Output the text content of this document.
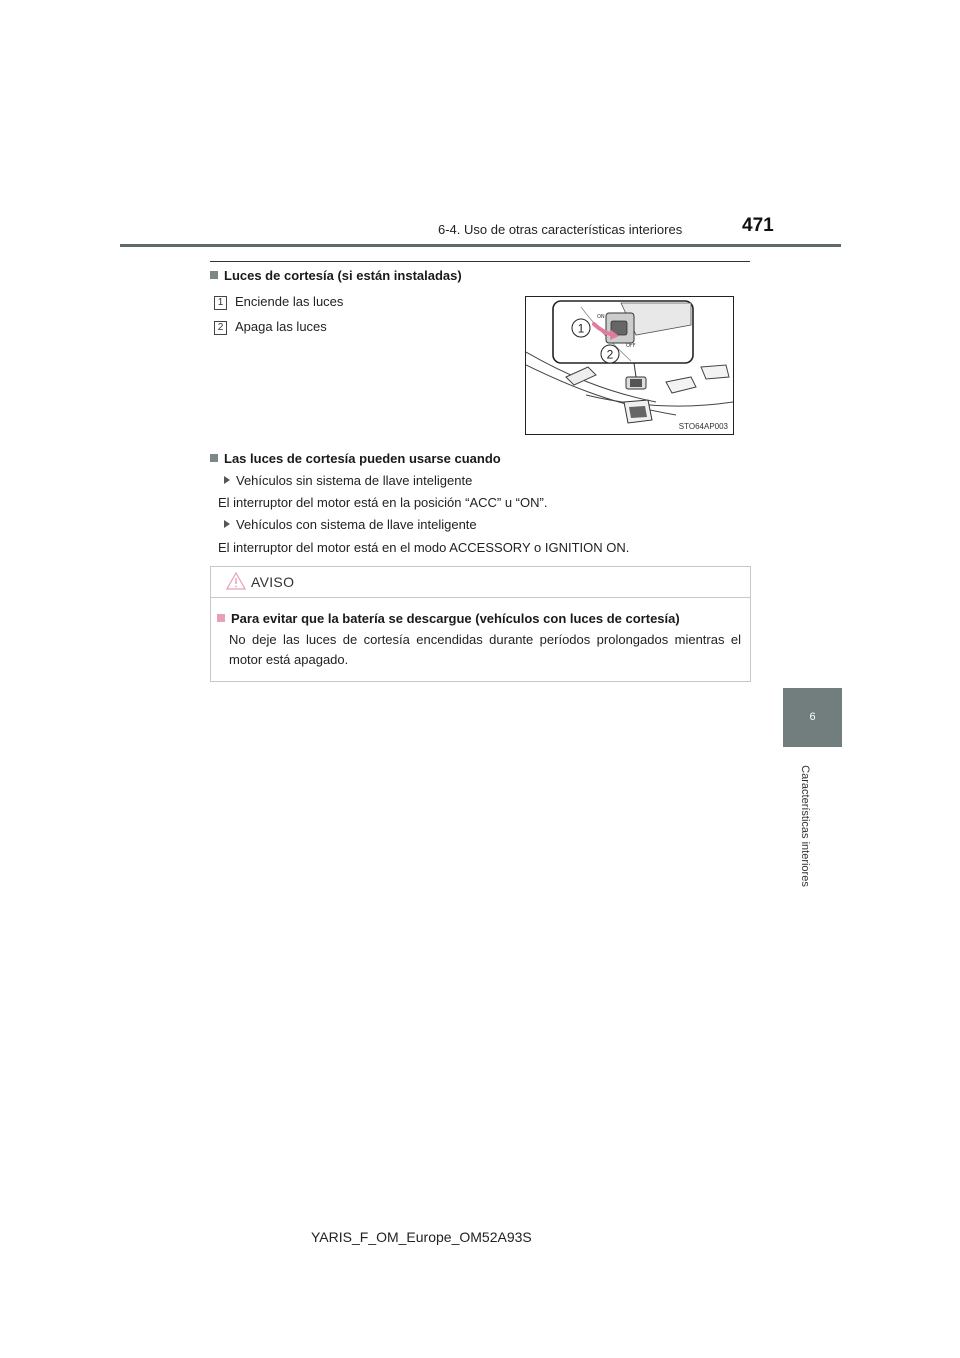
6-4. Uso de otras características interiores	471
Luces de cortesía (si están instaladas)
1 Enciende las luces
2 Apaga las luces
ON
OFF
1
2
STO64AP003
Las luces de cortesía pueden usarse cuando
Vehículos sin sistema de llave inteligente
El interruptor del motor está en la posición “ACC” u “ON”.
Vehículos con sistema de llave inteligente
El interruptor del motor está en el modo ACCESSORY o IGNITION ON.
AVISO
Para evitar que la batería se descargue (vehículos con luces de cortesía)
No deje las luces de cortesía encendidas durante períodos prolongados mientras el motor está apagado.
6
Características interiores
YARIS_F_OM_Europe_OM52A93S
